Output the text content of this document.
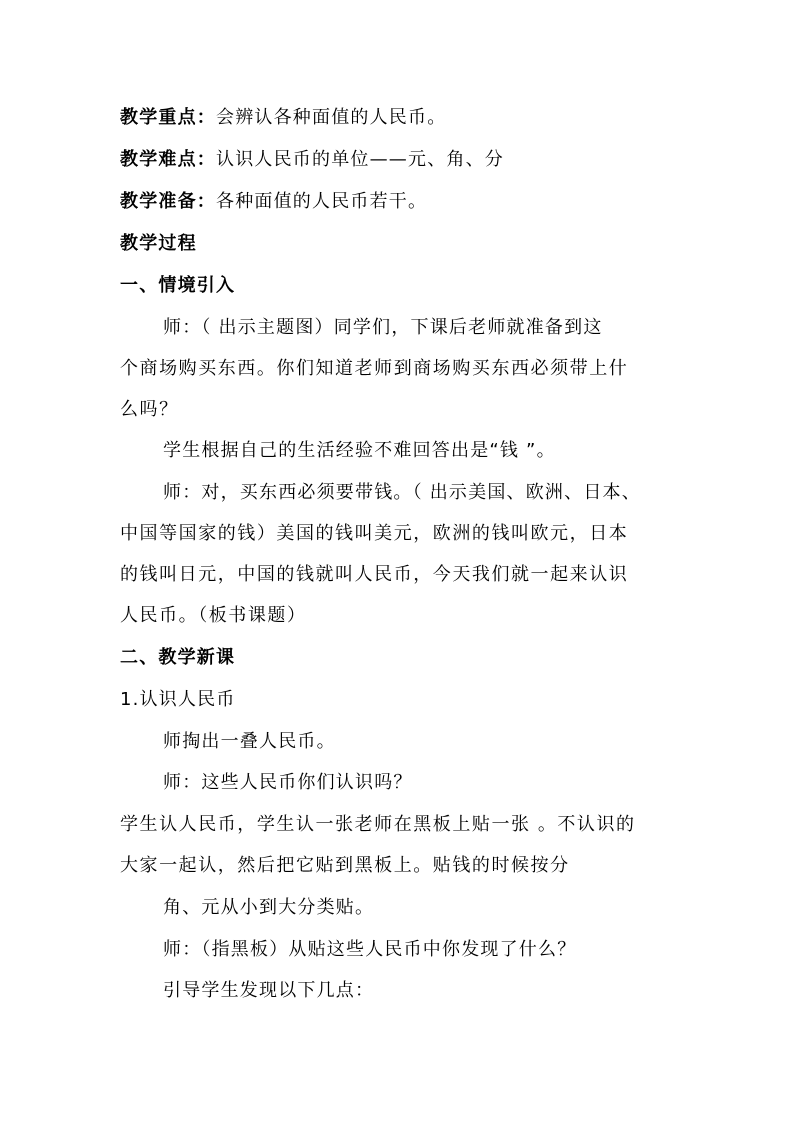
教学重点：会辨认各种面值的人民币。
教学难点：认识人民币的单位——元、角、分
教学准备：各种面值的人民币若干。
教学过程
一、情境引入
师：（ 出示主题图）同学们，下课后老师就准备到这
个商场购买东西。你们知道老师到商场购买东西必须带上什
么吗？
学生根据自己的生活经验不难回答出是“钱 ”。
师：对，买东西必须要带钱。（ 出示美国、欧洲、日本、
中国等国家的钱）美国的钱叫美元，欧洲的钱叫欧元，日本
的钱叫日元，中国的钱就叫人民币，今天我们就一起来认识
人民币。（板书课题）
二、教学新课
1.认识人民币
师掏出一叠人民币。
师：这些人民币你们认识吗？
学生认人民币，学生认一张老师在黑板上贴一张 。不认识的
大家一起认，然后把它贴到黑板上。贴钱的时候按分
角、元从小到大分类贴。
师：（指黑板）从贴这些人民币中你发现了什么？
引导学生发现以下几点：
